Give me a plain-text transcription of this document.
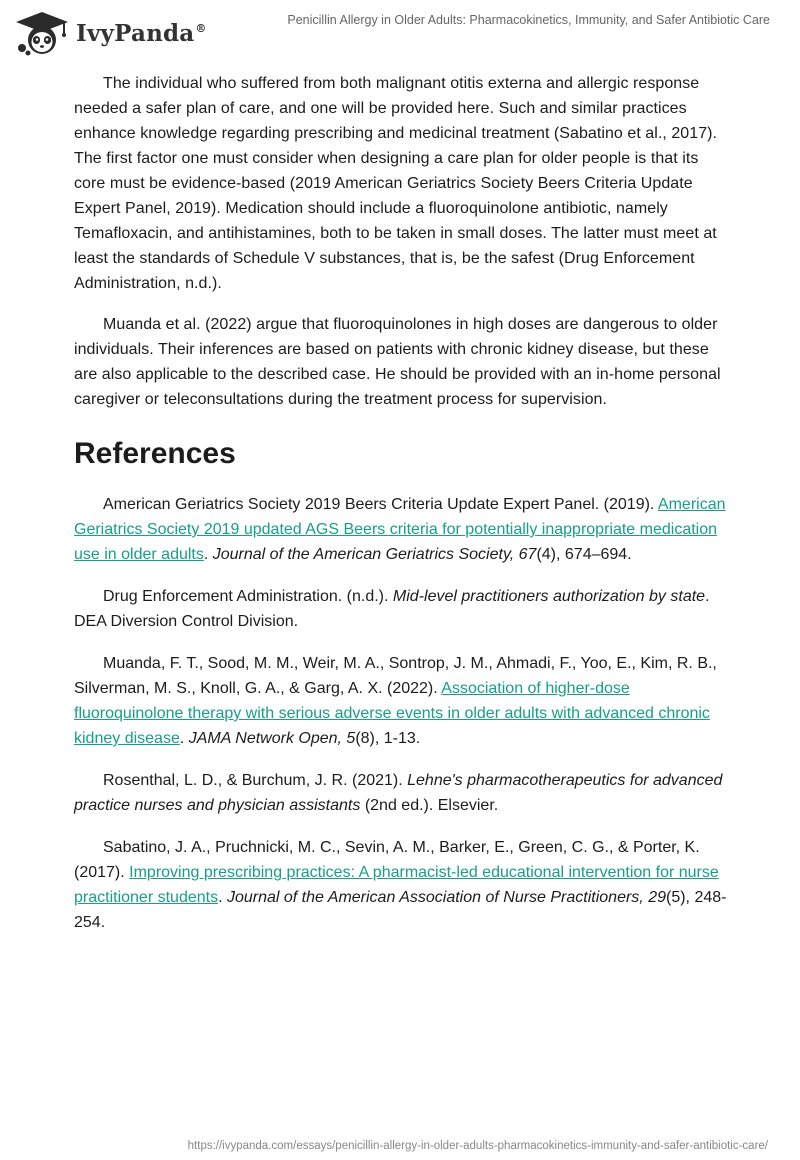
IvyPanda®
Penicillin Allergy in Older Adults: Pharmacokinetics, Immunity, and Safer Antibiotic Care

The individual who suffered from both malignant otitis externa and allergic response needed a safer plan of care, and one will be provided here. Such and similar practices enhance knowledge regarding prescribing and medicinal treatment (Sabatino et al., 2017). The first factor one must consider when designing a care plan for older people is that its core must be evidence-based (2019 American Geriatrics Society Beers Criteria Update Expert Panel, 2019). Medication should include a fluoroquinolone antibiotic, namely Temafloxacin, and antihistamines, both to be taken in small doses. The latter must meet at least the standards of Schedule V substances, that is, be the safest (Drug Enforcement Administration, n.d.).

Muanda et al. (2022) argue that fluoroquinolones in high doses are dangerous to older individuals. Their inferences are based on patients with chronic kidney disease, but these are also applicable to the described case. He should be provided with an in-home personal caregiver or teleconsultations during the treatment process for supervision.

References

American Geriatrics Society 2019 Beers Criteria Update Expert Panel. (2019). American Geriatrics Society 2019 updated AGS Beers criteria for potentially inappropriate medication use in older adults. Journal of the American Geriatrics Society, 67(4), 674–694.

Drug Enforcement Administration. (n.d.). Mid-level practitioners authorization by state. DEA Diversion Control Division.

Muanda, F. T., Sood, M. M., Weir, M. A., Sontrop, J. M., Ahmadi, F., Yoo, E., Kim, R. B., Silverman, M. S., Knoll, G. A., & Garg, A. X. (2022). Association of higher-dose fluoroquinolone therapy with serious adverse events in older adults with advanced chronic kidney disease. JAMA Network Open, 5(8), 1-13.

Rosenthal, L. D., & Burchum, J. R. (2021). Lehne's pharmacotherapeutics for advanced practice nurses and physician assistants (2nd ed.). Elsevier.

Sabatino, J. A., Pruchnicki, M. C., Sevin, A. M., Barker, E., Green, C. G., & Porter, K. (2017). Improving prescribing practices: A pharmacist-led educational intervention for nurse practitioner students. Journal of the American Association of Nurse Practitioners, 29(5), 248-254.

https://ivypanda.com/essays/penicillin-allergy-in-older-adults-pharmacokinetics-immunity-and-safer-antibiotic-care/
